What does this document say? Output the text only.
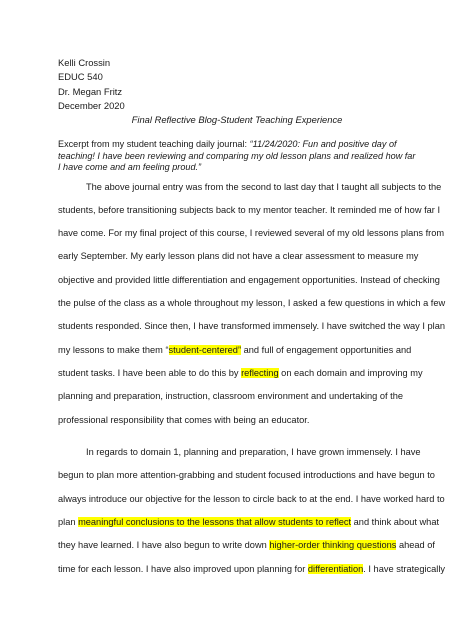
Kelli Crossin
EDUC 540
Dr. Megan Fritz
December 2020
Final Reflective Blog-Student Teaching Experience
Excerpt from my student teaching daily journal: “11/24/2020: Fun and positive day of teaching! I have been reviewing and comparing my old lesson plans and realized how far I have come and am feeling proud.”
The above journal entry was from the second to last day that I taught all subjects to the
students, before transitioning subjects back to my mentor teacher. It reminded me of how far I
have come. For my final project of this course, I reviewed several of my old lessons plans from
early September. My early lesson plans did not have a clear assessment to measure my
objective and provided little differentiation and engagement opportunities. Instead of checking
the pulse of the class as a whole throughout my lesson, I asked a few questions in which a few
students responded. Since then, I have transformed immensely. I have switched the way I plan
my lessons to make them “student-centered” and full of engagement opportunities and
student tasks. I have been able to do this by reflecting on each domain and improving my
planning and preparation, instruction, classroom environment and undertaking of the
professional responsibility that comes with being an educator.
In regards to domain 1, planning and preparation, I have grown immensely. I have
begun to plan more attention-grabbing and student focused introductions and have begun to
always introduce our objective for the lesson to circle back to at the end. I have worked hard to
plan meaningful conclusions to the lessons that allow students to reflect and think about what
they have learned. I have also begun to write down higher-order thinking questions ahead of
time for each lesson. I have also improved upon planning for differentiation. I have strategically
